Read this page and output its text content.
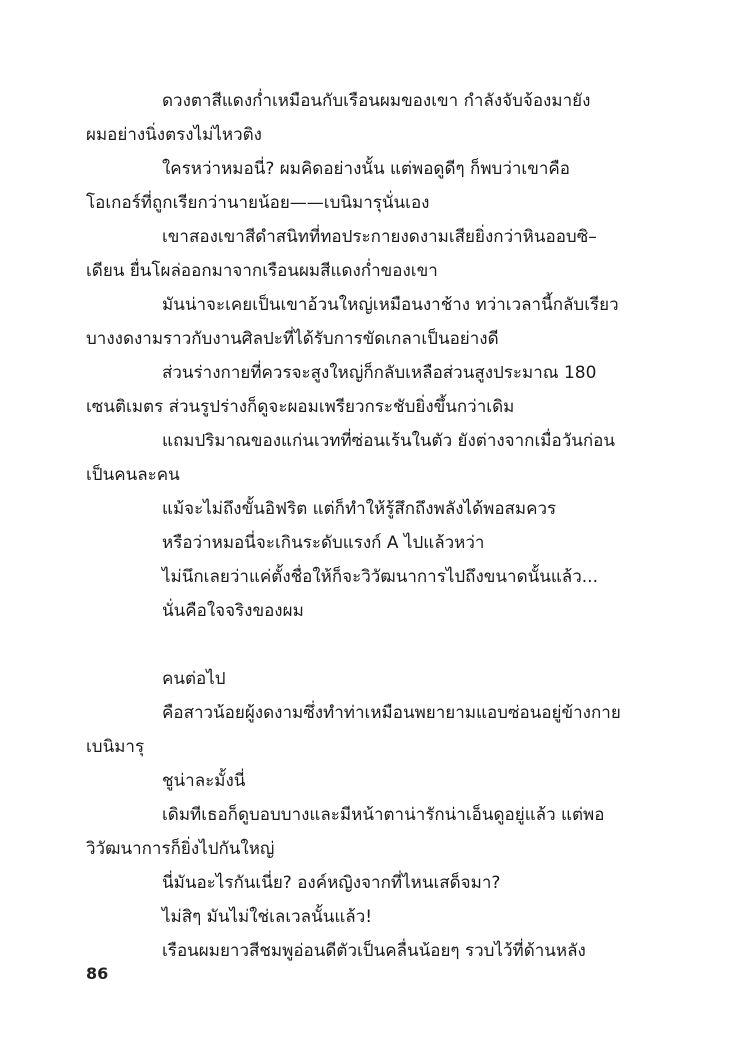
ดวงตาสีแดงก่ำเหมือนกับเรือนผมของเขา กำลังจับจ้องมายัง
ผมอย่างนิ่งตรงไม่ไหวติง
ใครหว่าหมอนี่? ผมคิดอย่างนั้น แต่พอดูดีๆ ก็พบว่าเขาคือ
โอเกอร์ที่ถูกเรียกว่านายน้อย——เบนิมารุนั่นเอง
เขาสองเขาสีดำสนิทที่ทอประกายงดงามเสียยิ่งกว่าหินออบซิ–
เดียน ยื่นโผล่ออกมาจากเรือนผมสีแดงก่ำของเขา
มันน่าจะเคยเป็นเขาอ้วนใหญ่เหมือนงาช้าง ทว่าเวลานี้กลับเรียว
บางงดงามราวกับงานศิลปะที่ได้รับการขัดเกลาเป็นอย่างดี
ส่วนร่างกายที่ควรจะสูงใหญ่ก็กลับเหลือส่วนสูงประมาณ 180
เซนติเมตร ส่วนรูปร่างก็ดูจะผอมเพรียวกระชับยิ่งขึ้นกว่าเดิม
แถมปริมาณของแก่นเวทที่ซ่อนเร้นในตัว ยังต่างจากเมื่อวันก่อน
เป็นคนละคน
แม้จะไม่ถึงขั้นอิฟริต แต่ก็ทำให้รู้สึกถึงพลังได้พอสมควร
หรือว่าหมอนี่จะเกินระดับแรงก์ A ไปแล้วหว่า
ไม่นึกเลยว่าแค่ตั้งชื่อให้ก็จะวิวัฒนาการไปถึงขนาดนั้นแล้ว...
นั่นคือใจจริงของผม
คนต่อไป
คือสาวน้อยผู้งดงามซึ่งทำท่าเหมือนพยายามแอบซ่อนอยู่ข้างกาย
เบนิมารุ
ชูน่าละมั้งนี่
เดิมทีเธอก็ดูบอบบางและมีหน้าตาน่ารักน่าเอ็นดูอยู่แล้ว แต่พอ
วิวัฒนาการก็ยิ่งไปกันใหญ่
นี่มันอะไรกันเนี่ย? องค์หญิงจากที่ไหนเสด็จมา?
ไม่สิๆ มันไม่ใช่เลเวลนั้นแล้ว!
เรือนผมยาวสีชมพูอ่อนดีตัวเป็นคลื่นน้อยๆ รวบไว้ที่ด้านหลัง
86
